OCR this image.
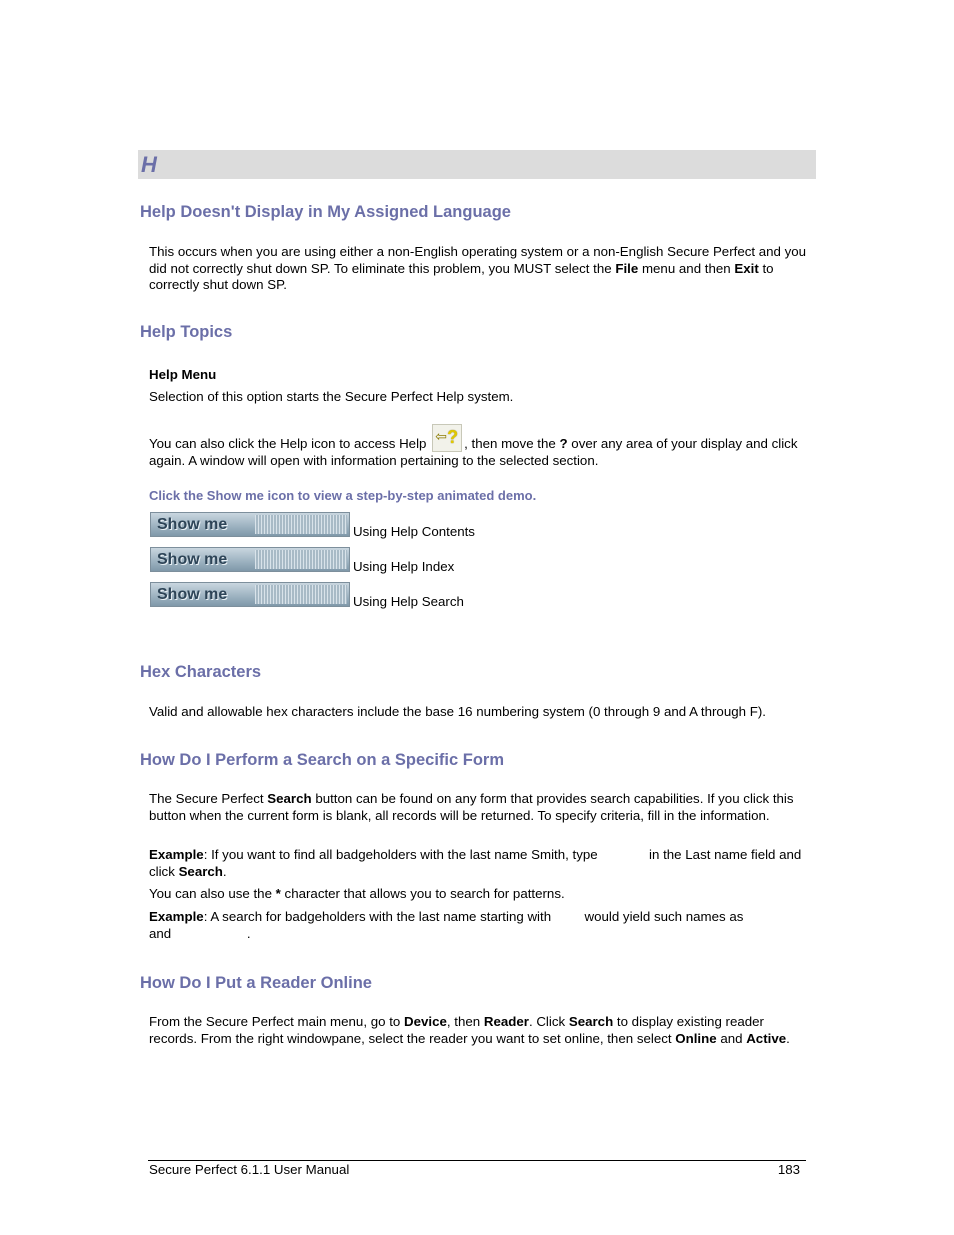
H
Help Doesn't Display in My Assigned Language
This occurs when you are using either a non-English operating system or a non-English Secure Perfect and you did not correctly shut down SP. To eliminate this problem, you MUST select the File menu and then Exit to correctly shut down SP.
Help Topics
Help Menu
Selection of this option starts the Secure Perfect Help system.
You can also click the Help icon to access Help ⇦ ? , then move the ? over any area of your display and click again. A window will open with information pertaining to the selected section.
Click the Show me icon to view a step-by-step animated demo.
Show me	Using Help Contents
Show me	Using Help Index
Show me	Using Help Search
Hex Characters
Valid and allowable hex characters include the base 16 numbering system (0 through 9 and A through F).
How Do I Perform a Search on a Specific Form
The Secure Perfect Search button can be found on any form that provides search capabilities. If you click this button when the current form is blank, all records will be returned. To specify criteria, fill in the information.
Example: If you want to find all badgeholders with the last name Smith, type	in the Last name field and click Search.
You can also use the * character that allows you to search for patterns.
Example: A search for badgeholders with the last name starting with  would yield such names as  and	.
How Do I Put a Reader Online
From the Secure Perfect main menu, go to Device, then Reader. Click Search to display existing reader records. From the right windowpane, select the reader you want to set online, then select Online and Active.
Secure Perfect 6.1.1 User Manual	183
